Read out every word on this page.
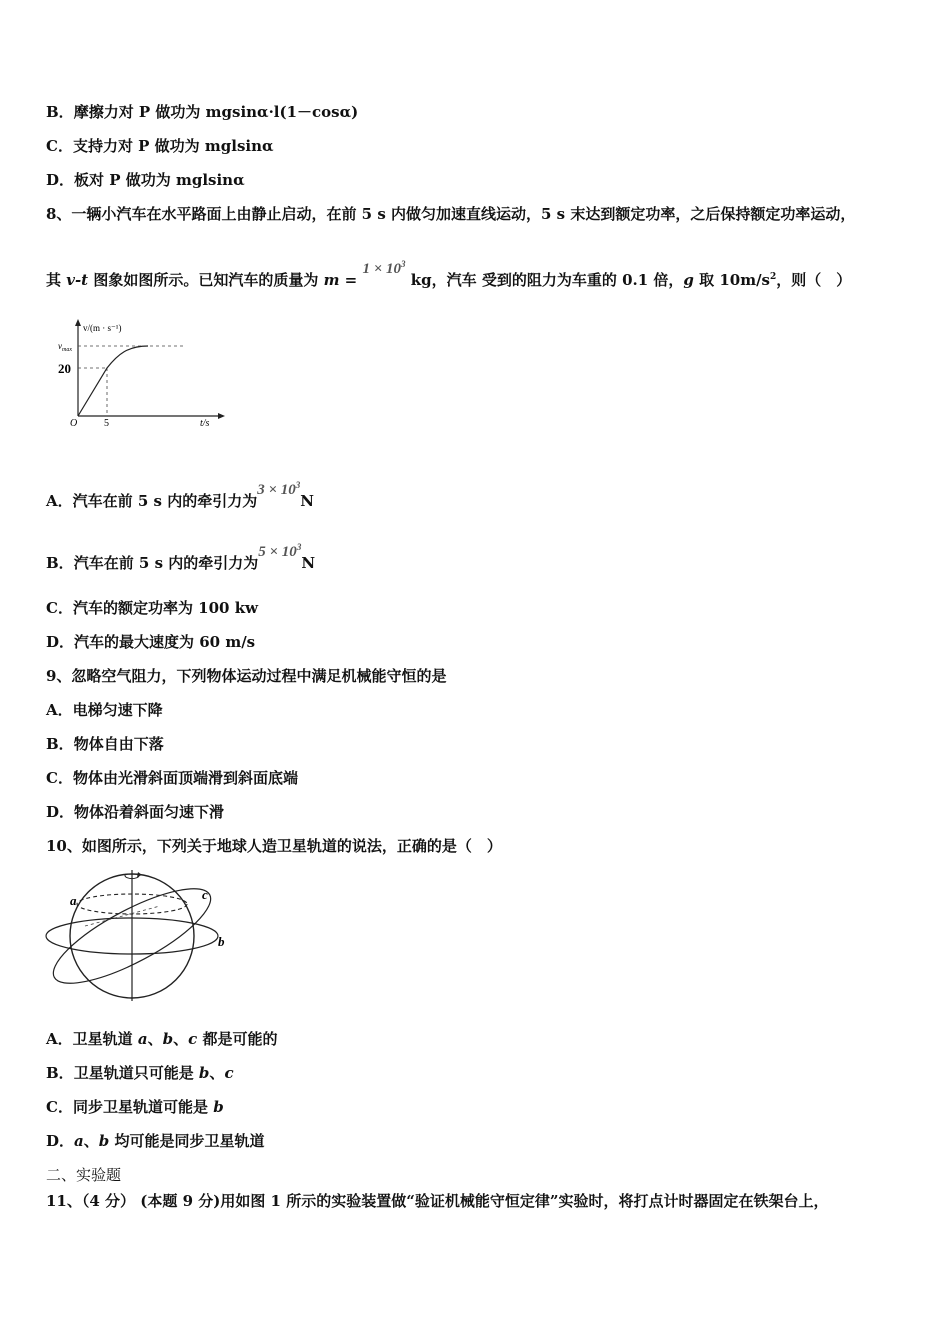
B．摩擦力对 P 做功为 mgsinα·l(1－cosα)
C．支持力对 P 做功为 mglsinα
D．板对 P 做功为 mglsinα
8、一辆小汽车在水平路面上由静止启动，在前 5 s 内做匀加速直线运动，5 s 末达到额定功率，之后保持额定功率运动，
其 v-t 图象如图所示。已知汽车的质量为 $m = 1 \times 10^3$ kg，汽车 受到的阻力为车重的 0.1 倍，g 取 $10m/s^2$，则（　）
v/(m · s⁻¹)
$v_{max}$
20
O	5	t/s
A．汽车在前 5 s 内的牵引力为$3 \times 10^3N$
B．汽车在前 5 s 内的牵引力为$5 \times 10^3N$
C．汽车的额定功率为 100 kw
D．汽车的最大速度为 60 m/s
9、忽略空气阻力，下列物体运动过程中满足机械能守恒的是
A．电梯匀速下降
B．物体自由下落
C．物体由光滑斜面顶端滑到斜面底端
D．物体沿着斜面匀速下滑
10、如图所示，下列关于地球人造卫星轨道的说法，正确的是（　）
a
b
c
A．卫星轨道 a、b、c 都是可能的
B．卫星轨道只可能是 b、c
C．同步卫星轨道可能是 b
D．a、b 均可能是同步卫星轨道
二、实验题
11、（4 分） (本题 9 分)用如图 1 所示的实验装置做“验证机械能守恒定律”实验时，将打点计时器固定在铁架台上，
